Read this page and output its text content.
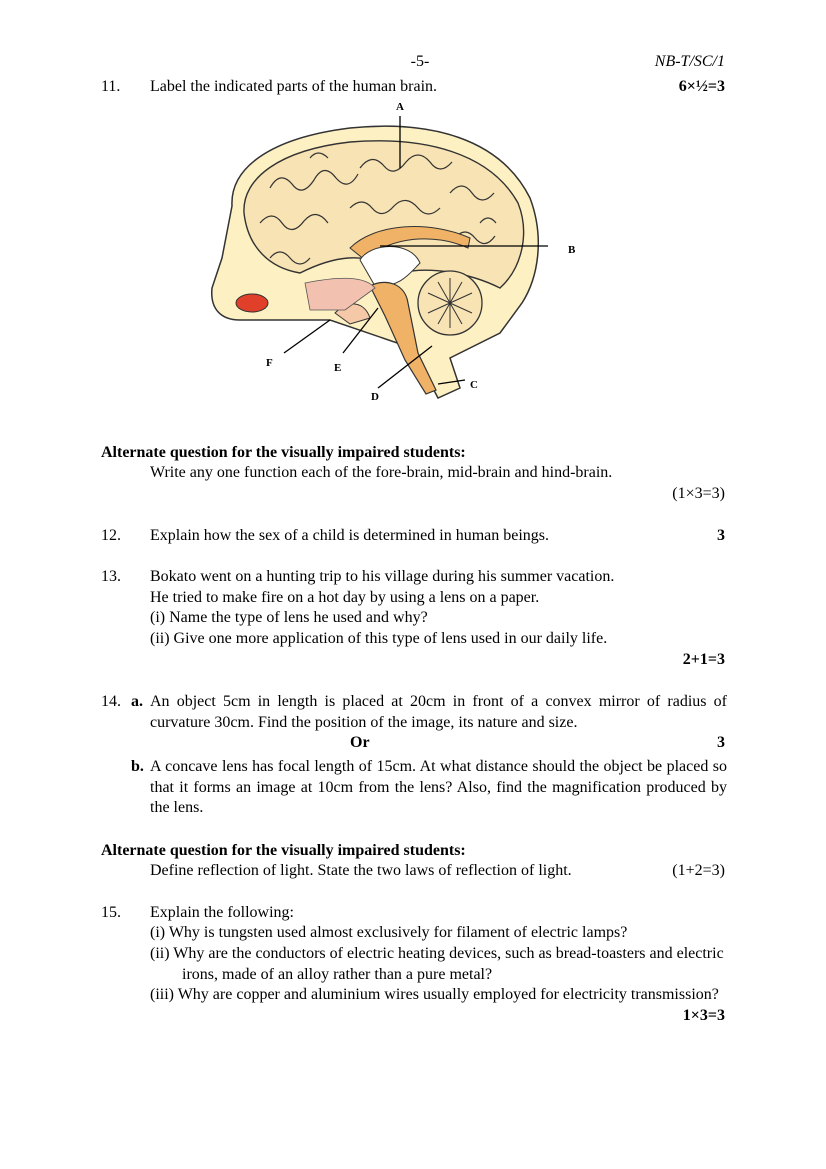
-5-	NB-T/SC/1
11. Label the indicated parts of the human brain.	6×½=3
A
B
C
D
E
F
Alternate question for the visually impaired students:
Write any one function each of the fore-brain, mid-brain and hind-brain.
(1×3=3)
12. Explain how the sex of a child is determined in human beings.	3
13. Bokato went on a hunting trip to his village during his summer vacation.
He tried to make fire on a hot day by using a lens on a paper.
(i) Name the type of lens he used and why?
(ii) Give one more application of this type of lens used in our daily life.
2+1=3
14. a. An object 5cm in length is placed at 20cm in front of a convex mirror of radius of curvature 30cm. Find the position of the image, its nature and size.
Or	3
b. A concave lens has focal length of 15cm. At what distance should the object be placed so that it forms an image at 10cm from the lens? Also, find the magnification produced by the lens.
Alternate question for the visually impaired students:
Define reflection of light. State the two laws of reflection of light.	(1+2=3)
15. Explain the following:
(i) Why is tungsten used almost exclusively for filament of electric lamps?
(ii) Why are the conductors of electric heating devices, such as bread-toasters and electric irons, made of an alloy rather than a pure metal?
(iii) Why are copper and aluminium wires usually employed for electricity transmission?
1×3=3
